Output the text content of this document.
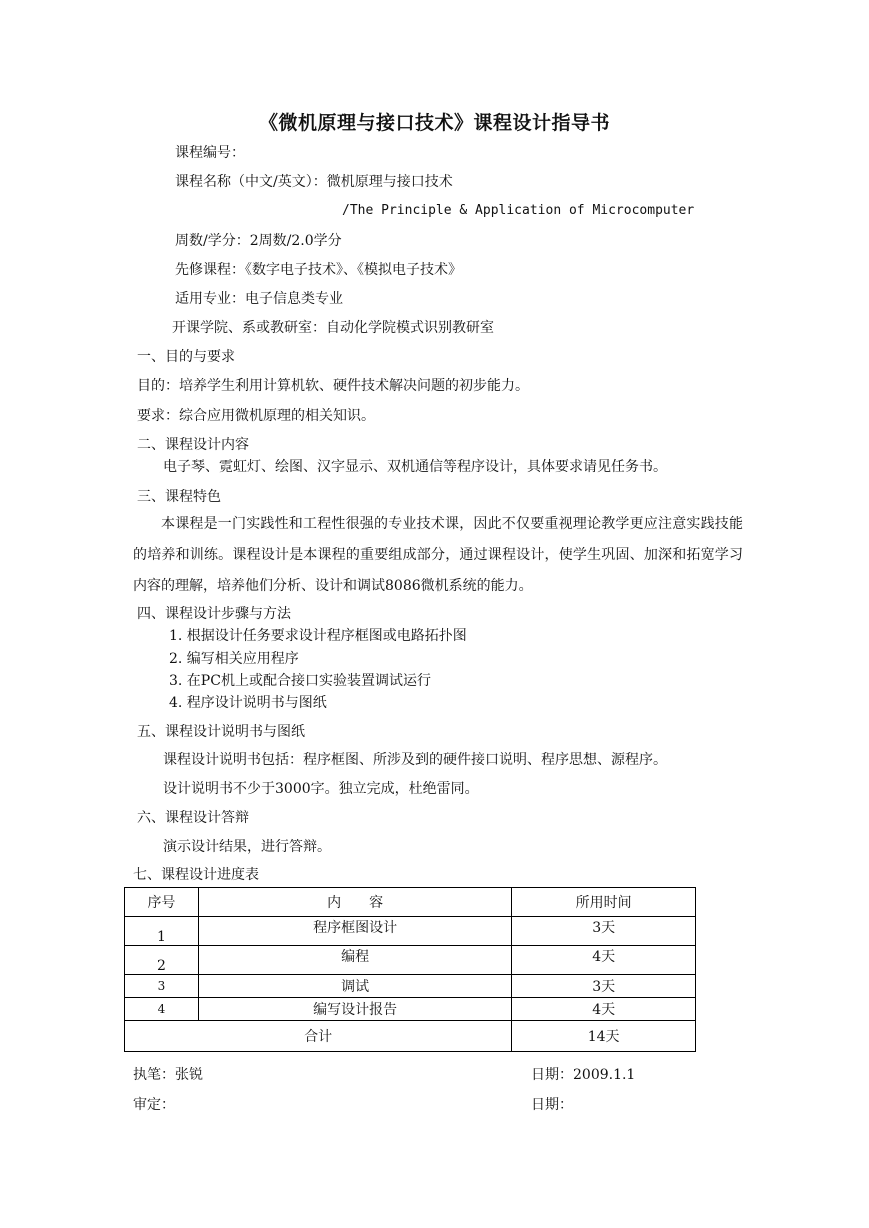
《微机原理与接口技术》课程设计指导书
课程编号：
课程名称（中文/英文）：微机原理与接口技术
/The Principle & Application of Microcomputer
周数/学分：2周数/2.0学分
先修课程：《数字电子技术》、《模拟电子技术》
适用专业：电子信息类专业
开课学院、系或教研室：自动化学院模式识别教研室
一、目的与要求
目的：培养学生利用计算机软、硬件技术解决问题的初步能力。
要求：综合应用微机原理的相关知识。
二、课程设计内容
电子琴、霓虹灯、绘图、汉字显示、双机通信等程序设计，具体要求请见任务书。
三、课程特色
本课程是一门实践性和工程性很强的专业技术课，因此不仅要重视理论教学更应注意实践技能的培养和训练。课程设计是本课程的重要组成部分，通过课程设计，使学生巩固、加深和拓宽学习内容的理解，培养他们分析、设计和调试8086微机系统的能力。
四、课程设计步骤与方法
1. 根据设计任务要求设计程序框图或电路拓扑图
2. 编写相关应用程序
3. 在PC机上或配合接口实验装置调试运行
4. 程序设计说明书与图纸
五、课程设计说明书与图纸
课程设计说明书包括：程序框图、所涉及到的硬件接口说明、程序思想、源程序。
设计说明书不少于3000字。独立完成，杜绝雷同。
六、课程设计答辩
演示设计结果，进行答辩。
七、课程设计进度表
序号	内　　容	所用时间
1	程序框图设计	3天
2	编程	4天
3	调试	3天
4	编写设计报告	4天
合计		14天
执笔：张锐	日期：2009.1.1
审定：	日期：
